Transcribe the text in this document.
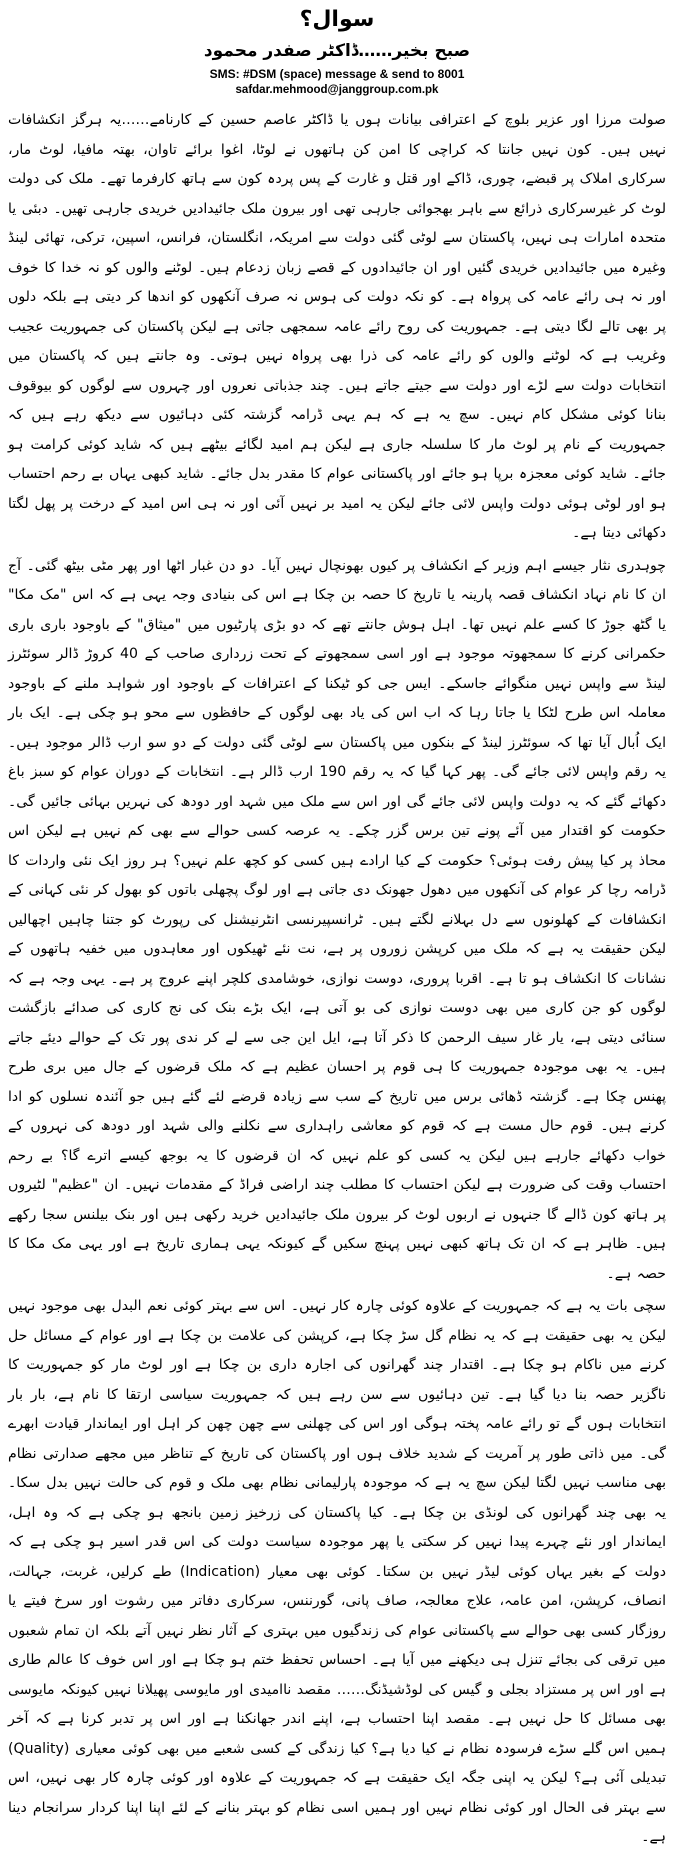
سوال؟
صبح بخیر……ڈاکٹر صفدر محمود
SMS: #DSM (space) message & send to 8001
safdar.mehmood@janggroup.com.pk

صولت مرزا اور عزیر بلوچ کے اعترافی بیانات ہوں یا ڈاکٹر عاصم حسین کے کارنامے……یہ ہرگز انکشافات نہیں ہیں۔ کون نہیں جانتا کہ کراچی کا امن کن ہاتھوں نے لوٹا، اغوا برائے تاوان، بھتہ مافیا، لوٹ مار، سرکاری املاک پر قبضے، چوری، ڈاکے اور قتل و غارت کے پس پردہ کون سے ہاتھ کارفرما تھے۔ ملک کی دولت لوٹ کر غیرسرکاری ذرائع سے باہر بھجوائی جارہی تھی اور بیرون ملک جائیدادیں خریدی جارہی تھیں۔ دبئی یا متحدہ امارات ہی نہیں، پاکستان سے لوٹی گئی دولت سے امریکہ، انگلستان، فرانس، اسپین، ترکی، تھائی لینڈ وغیرہ میں جائیدادیں خریدی گئیں اور ان جائیدادوں کے قصے زبان زدعام ہیں۔ لوٹنے والوں کو نہ خدا کا خوف اور نہ ہی رائے عامہ کی پرواہ ہے۔ کو نکہ دولت کی ہوس نہ صرف آنکھوں کو اندھا کر دیتی ہے بلکہ دلوں پر بھی تالے لگا دیتی ہے۔ جمہوریت کی روح رائے عامہ سمجھی جاتی ہے لیکن پاکستان کی جمہوریت عجیب وغریب ہے کہ لوٹنے والوں کو رائے عامہ کی ذرا بھی پرواہ نہیں ہوتی۔ وہ جانتے ہیں کہ پاکستان میں انتخابات دولت سے لڑے اور دولت سے جیتے جاتے ہیں۔ چند جذباتی نعروں اور چہروں سے لوگوں کو بیوقوف بنانا کوئی مشکل کام نہیں۔ سچ یہ ہے کہ ہم یہی ڈرامہ گزشتہ کئی دہائیوں سے دیکھ رہے ہیں کہ جمہوریت کے نام پر لوٹ مار کا سلسلہ جاری ہے لیکن ہم امید لگائے بیٹھے ہیں کہ شاید کوئی کرامت ہو جائے۔ شاید کوئی معجزہ برپا ہو جائے اور پاکستانی عوام کا مقدر بدل جائے۔ شاید کبھی یہاں بے رحم احتساب ہو اور لوٹی ہوئی دولت واپس لائی جائے لیکن یہ امید بر نہیں آئی اور نہ ہی اس امید کے درخت پر پھل لگتا دکھائی دیتا ہے۔

چوہدری نثار جیسے اہم وزیر کے انکشاف پر کیوں بھونچال نہیں آیا۔ دو دن غبار اٹھا اور پھر مٹی بیٹھ گئی۔ آج ان کا نام نہاد انکشاف قصہ پارینہ یا تاریخ کا حصہ بن چکا ہے اس کی بنیادی وجہ یہی ہے کہ اس "مک مکا" یا گٹھ جوڑ کا کسے علم نہیں تھا۔ اہل ہوش جانتے تھے کہ دو بڑی پارٹیوں میں "میثاق" کے باوجود باری باری حکمرانی کرنے کا سمجھوتہ موجود ہے اور اسی سمجھوتے کے تحت زرداری صاحب کے 40 کروڑ ڈالر سوئٹرز لینڈ سے واپس نہیں منگوائے جاسکے۔ ایس جی کو ٹیکنا کے اعترافات کے باوجود اور شواہد ملنے کے باوجود معاملہ اس طرح لٹکا یا جاتا رہا کہ اب اس کی یاد بھی لوگوں کے حافظوں سے محو ہو چکی ہے۔ ایک بار ایک اُبال آیا تھا کہ سوئٹرز لینڈ کے بنکوں میں پاکستان سے لوٹی گئی دولت کے دو سو ارب ڈالر موجود ہیں۔ یہ رقم واپس لائی جائے گی۔ پھر کہا گیا کہ یہ رقم 190 ارب ڈالر ہے۔ انتخابات کے دوران عوام کو سبز باغ دکھائے گئے کہ یہ دولت واپس لائی جائے گی اور اس سے ملک میں شہد اور دودھ کی نہریں بہائی جائیں گی۔ حکومت کو اقتدار میں آئے پونے تین برس گزر چکے۔ یہ عرصہ کسی حوالے سے بھی کم نہیں ہے لیکن اس محاذ پر کیا پیش رفت ہوئی؟ حکومت کے کیا ارادے ہیں کسی کو کچھ علم نہیں؟ ہر روز ایک نئی واردات کا ڈرامہ رچا کر عوام کی آنکھوں میں دھول جھونک دی جاتی ہے اور لوگ پچھلی باتوں کو بھول کر نئی کہانی کے انکشافات کے کھلونوں سے دل بہلانے لگتے ہیں۔ ٹرانسپیرنسی انٹرنیشنل کی رپورٹ کو جتنا چاہیں اچھالیں لیکن حقیقت یہ ہے کہ ملک میں کرپشن زوروں پر ہے، نت نئے ٹھیکوں اور معاہدوں میں خفیہ ہاتھوں کے نشانات کا انکشاف ہو تا ہے۔ اقربا پروری، دوست نوازی، خوشامدی کلچر اپنے عروج پر ہے۔ یہی وجہ ہے کہ لوگوں کو جن کاری میں بھی دوست نوازی کی بو آتی ہے، ایک بڑے بنک کی نج کاری کی صدائے بازگشت سنائی دیتی ہے، یار غار سیف الرحمن کا ذکر آتا ہے، ایل این جی سے لے کر ندی پور تک کے حوالے دیئے جاتے ہیں۔ یہ بھی موجودہ جمہوریت کا ہی قوم پر احسان عظیم ہے کہ ملک قرضوں کے جال میں بری طرح پھنس چکا ہے۔ گزشتہ ڈھائی برس میں تاریخ کے سب سے زیادہ قرضے لئے گئے ہیں جو آئندہ نسلوں کو ادا کرنے ہیں۔ قوم حال مست ہے کہ قوم کو معاشی راہداری سے نکلنے والی شہد اور دودھ کی نہروں کے خواب دکھائے جارہے ہیں لیکن یہ کسی کو علم نہیں کہ ان قرضوں کا یہ بوجھ کیسے اترے گا؟ بے رحم احتساب وقت کی ضرورت ہے لیکن احتساب کا مطلب چند اراضی فراڈ کے مقدمات نہیں۔ ان "عظیم" لٹیروں پر ہاتھ کون ڈالے گا جنہوں نے اربوں لوٹ کر بیرون ملک جائیدادیں خرید رکھی ہیں اور بنک بیلنس سجا رکھے ہیں۔ ظاہر ہے کہ ان تک ہاتھ کبھی نہیں پہنچ سکیں گے کیونکہ یہی ہماری تاریخ ہے اور یہی مک مکا کا حصہ ہے۔

سچی بات یہ ہے کہ جمہوریت کے علاوہ کوئی چارہ کار نہیں۔ اس سے بہتر کوئی نعم البدل بھی موجود نہیں لیکن یہ بھی حقیقت ہے کہ یہ نظام گل سڑ چکا ہے، کرپشن کی علامت بن چکا ہے اور عوام کے مسائل حل کرنے میں ناکام ہو چکا ہے۔ اقتدار چند گھرانوں کی اجارہ داری بن چکا ہے اور لوٹ مار کو جمہوریت کا ناگزیر حصہ بنا دیا گیا ہے۔ تین دہائیوں سے سن رہے ہیں کہ جمہوریت سیاسی ارتقا کا نام ہے، بار بار انتخابات ہوں گے تو رائے عامہ پختہ ہوگی اور اس کی چھلنی سے چھن چھن کر اہل اور ایماندار قیادت ابھرے گی۔ میں ذاتی طور پر آمریت کے شدید خلاف ہوں اور پاکستان کی تاریخ کے تناظر میں مجھے صدارتی نظام بھی مناسب نہیں لگتا لیکن سچ یہ ہے کہ موجودہ پارلیمانی نظام بھی ملک و قوم کی حالت نہیں بدل سکا۔ یہ بھی چند گھرانوں کی لونڈی بن چکا ہے۔ کیا پاکستان کی زرخیز زمین بانجھ ہو چکی ہے کہ وہ اہل، ایماندار اور نئے چہرے پیدا نہیں کر سکتی یا پھر موجودہ سیاست دولت کی اس قدر اسیر ہو چکی ہے کہ دولت کے بغیر یہاں کوئی لیڈر نہیں بن سکتا۔ کوئی بھی معیار (Indication) طے کرلیں، غربت، جہالت، انصاف، کرپشن، امن عامہ، علاج معالجہ، صاف پانی، گورننس، سرکاری دفاتر میں رشوت اور سرخ فیتے یا روزگار کسی بھی حوالے سے پاکستانی عوام کی زندگیوں میں بہتری کے آثار نظر نہیں آتے بلکہ ان تمام شعبوں میں ترقی کی بجائے تنزل ہی دیکھنے میں آیا ہے۔ احساس تحفظ ختم ہو چکا ہے اور اس خوف کا عالم طاری ہے اور اس پر مستزاد بجلی و گیس کی لوڈشیڈنگ…… مقصد ناامیدی اور مایوسی پھیلانا نہیں کیونکہ مایوسی بھی مسائل کا حل نہیں ہے۔ مقصد اپنا احتساب ہے، اپنے اندر جھانکنا ہے اور اس پر تدبر کرنا ہے کہ آخر ہمیں اس گلے سڑے فرسودہ نظام نے کیا دیا ہے؟ کیا زندگی کے کسی شعبے میں بھی کوئی معیاری (Quality) تبدیلی آئی ہے؟ لیکن یہ اپنی جگہ ایک حقیقت ہے کہ جمہوریت کے علاوہ اور کوئی چارہ کار بھی نہیں، اس سے بہتر فی الحال اور کوئی نظام نہیں اور ہمیں اسی نظام کو بہتر بنانے کے لئے اپنا اپنا کردار سرانجام دینا ہے۔
